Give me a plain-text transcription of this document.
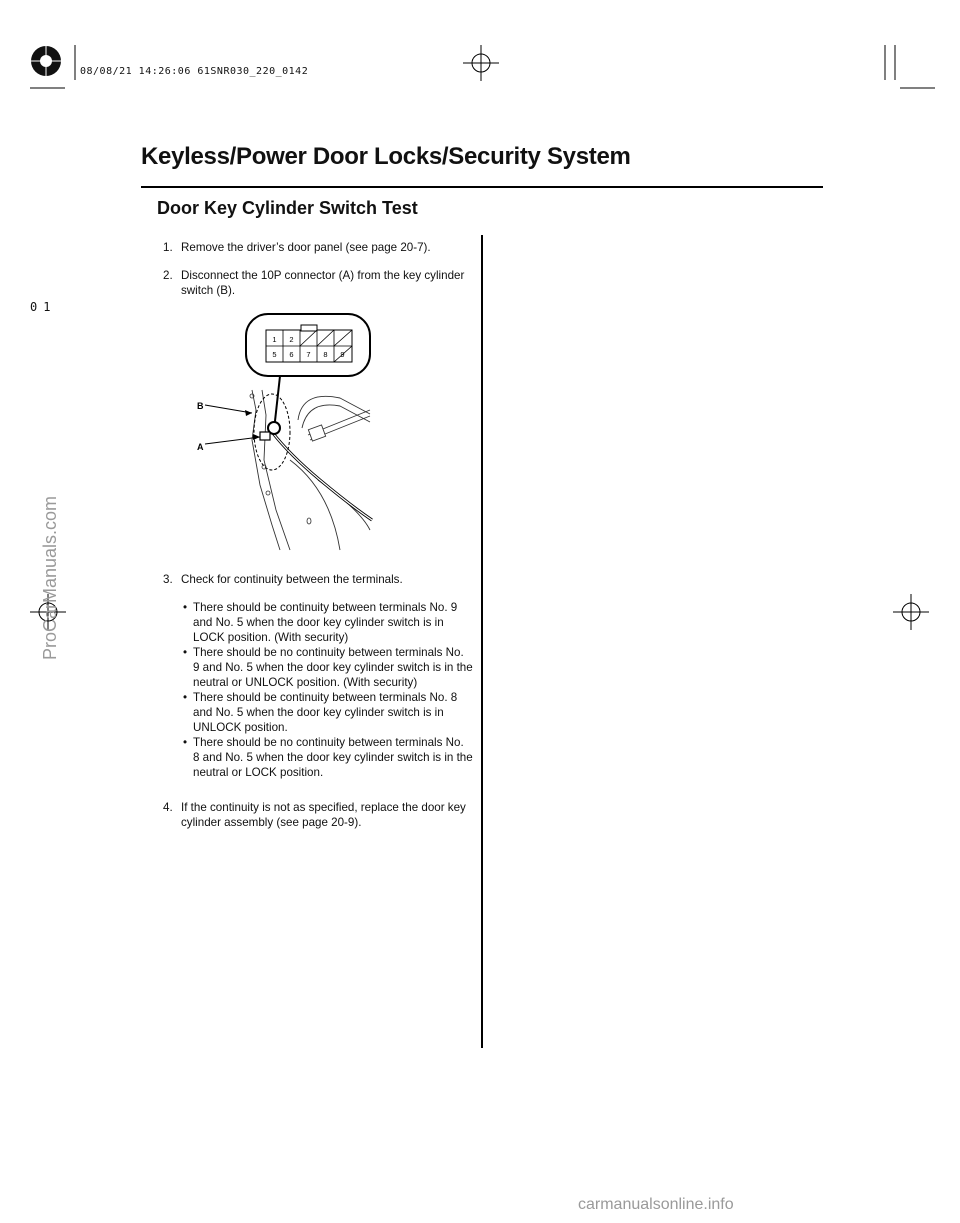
08/08/21 14:26:06 61SNR030_220_0142
01
Keyless/Power Door Locks/Security System
Door Key Cylinder Switch Test
1. Remove the driver’s door panel (see page 20-7).
2. Disconnect the 10P connector (A) from the key cylinder switch (B).
1 2
5 6 7 8 9
B
A
3. Check for continuity between the terminals.
• There should be continuity between terminals No. 9 and No. 5 when the door key cylinder switch is in LOCK position. (With security)
• There should be no continuity between terminals No. 9 and No. 5 when the door key cylinder switch is in the neutral or UNLOCK position. (With security)
• There should be continuity between terminals No. 8 and No. 5 when the door key cylinder switch is in UNLOCK position.
• There should be no continuity between terminals No. 8 and No. 5 when the door key cylinder switch is in the neutral or LOCK position.
4. If the continuity is not as specified, replace the door key cylinder assembly (see page 20-9).
ProCarManuals.com
carmanualsonline.info
